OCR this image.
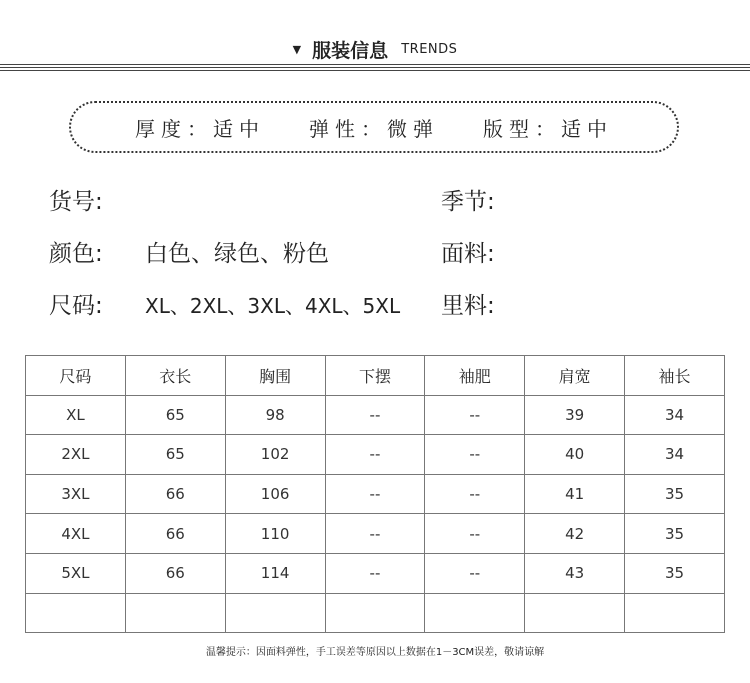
▼ 服装信息 TRENDS
厚度：适中 弹性：微弹 版型：适中
货号:	季节:
颜色: 白色、绿色、粉色	面料:
尺码: XL、2XL、3XL、4XL、5XL 里料:
尺码	衣长	胸围	下摆	袖肥	肩宽	袖长
XL	65	98	--	--	39	34
2XL	65	102	--	--	40	34
3XL	66	106	--	--	41	35
4XL	66	110	--	--	42	35
5XL	66	114	--	--	43	35

温馨提示：因面料弹性，手工误差等原因以上数据在1－3CM误差，敬请谅解
